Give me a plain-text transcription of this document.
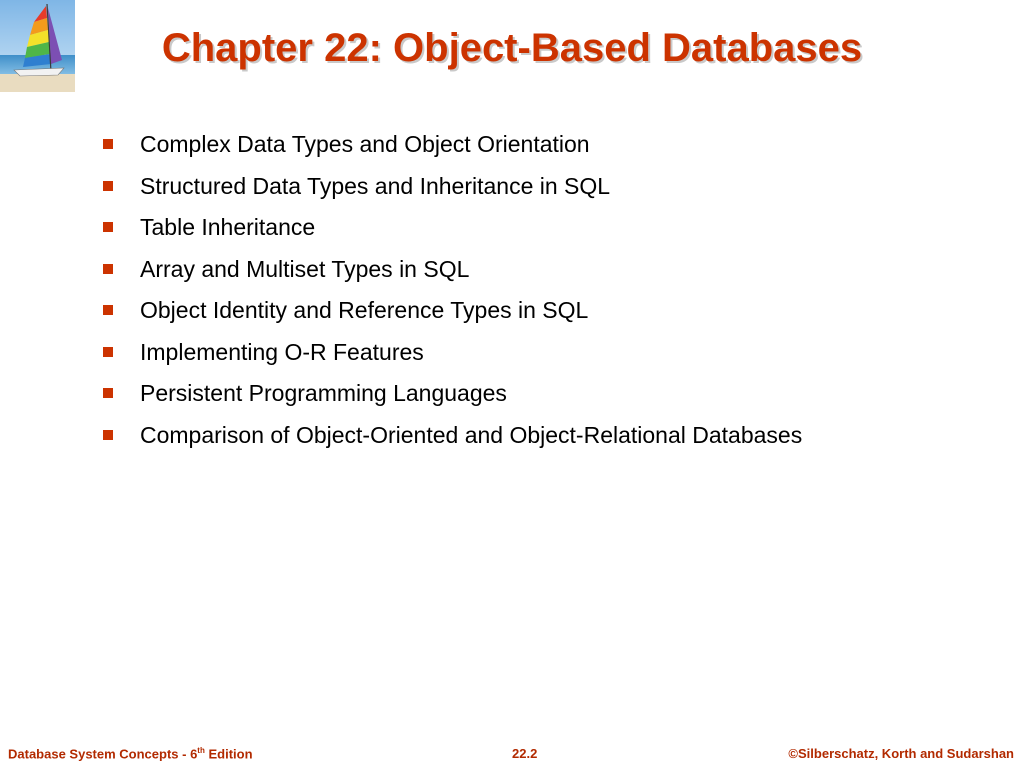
Chapter 22: Object-Based Databases
Complex Data Types and Object Orientation
Structured Data Types and Inheritance in SQL
Table Inheritance
Array and Multiset Types in SQL
Object Identity and Reference Types in SQL
Implementing O-R Features
Persistent Programming Languages
Comparison of Object-Oriented and Object-Relational Databases
Database System Concepts - 6th Edition	22.2	©Silberschatz, Korth and Sudarshan
